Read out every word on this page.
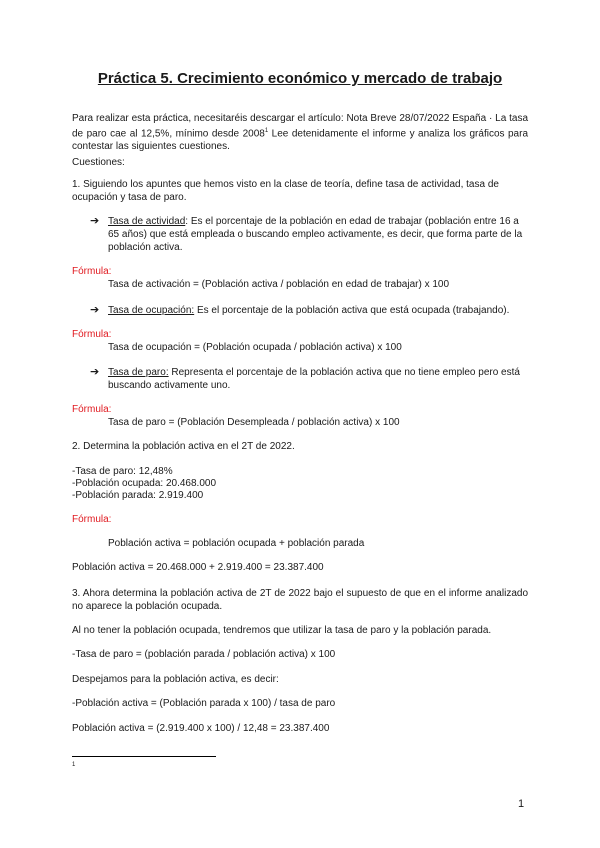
Práctica 5. Crecimiento económico y mercado de trabajo

Para realizar esta práctica, necesitaréis descargar el artículo: Nota Breve 28/07/2022 España · La tasa de paro cae al 12,5%, mínimo desde 2008$^1$ Lee detenidamente el informe y analiza los gráficos para contestar las siguientes cuestiones.

Cuestiones:

1. Siguiendo los apuntes que hemos visto en la clase de teoría, define tasa de actividad, tasa de ocupación y tasa de paro.

➔ Tasa de actividad: Es el porcentaje de la población en edad de trabajar (población entre 16 a 65 años) que está empleada o buscando empleo activamente, es decir, que forma parte de la población activa.

Fórmula:

Tasa de activación = (Población activa / población en edad de trabajar) x 100

➔ Tasa de ocupación: Es el porcentaje de la población activa que está ocupada (trabajando).

Fórmula:

Tasa de ocupación = (Población ocupada / población activa) x 100

➔ Tasa de paro: Representa el porcentaje de la población activa que no tiene empleo pero está buscando activamente uno.

Fórmula:

Tasa de paro = (Población Desempleada / población activa) x 100

2. Determina la población activa en el 2T de 2022.

-Tasa de paro: 12,48%

-Población ocupada: 20.468.000

-Población parada: 2.919.400

Fórmula:

Población activa = población ocupada + población parada

Población activa = 20.468.000 + 2.919.400 = 23.387.400

3. Ahora determina la población activa de 2T de 2022 bajo el supuesto de que en el informe analizado no aparece la población ocupada.

Al no tener la población ocupada, tendremos que utilizar la tasa de paro y la población parada.

-Tasa de paro = (población parada / población activa) x 100

Despejamos para la población activa, es decir:

-Población activa = (Población parada x 100) / tasa de paro

Población activa = (2.919.400 x 100) / 12,48 = 23.387.400

1
1
